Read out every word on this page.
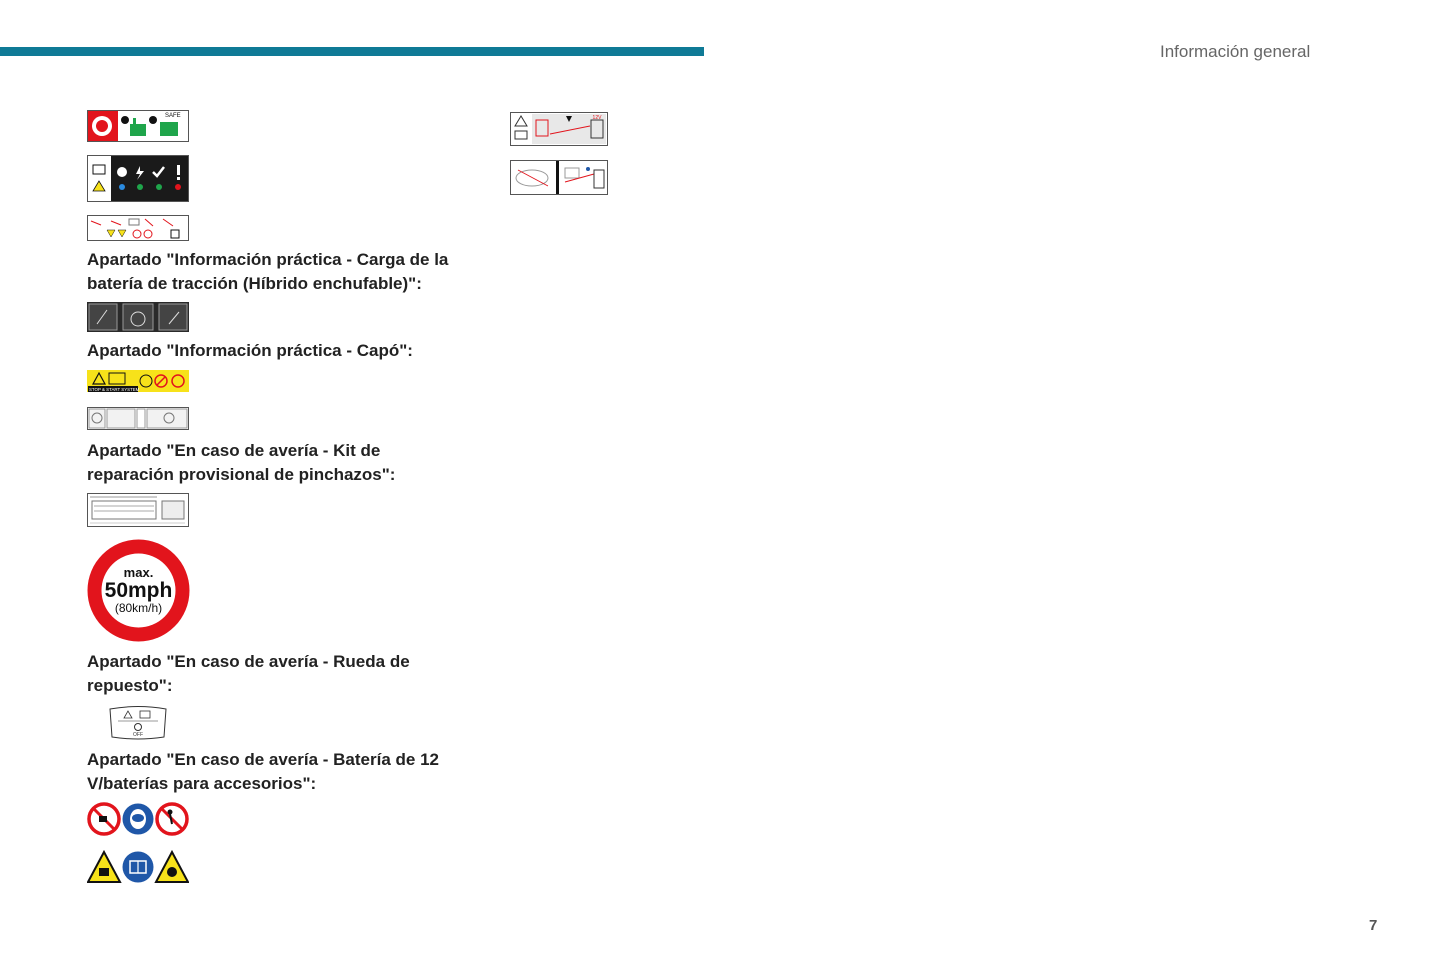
Información general
SAFE
Apartado "Información práctica - Carga de la batería de tracción (Híbrido enchufable)":
Apartado "Información práctica - Capó":
STOP & START SYSTEM
Apartado "En caso de avería - Kit de reparación provisional de pinchazos":
max.
50mph
(80km/h)
Apartado "En caso de avería - Rueda de repuesto":
OFF
Apartado "En caso de avería - Batería de 12 V/baterías para accesorios":
12V
7
